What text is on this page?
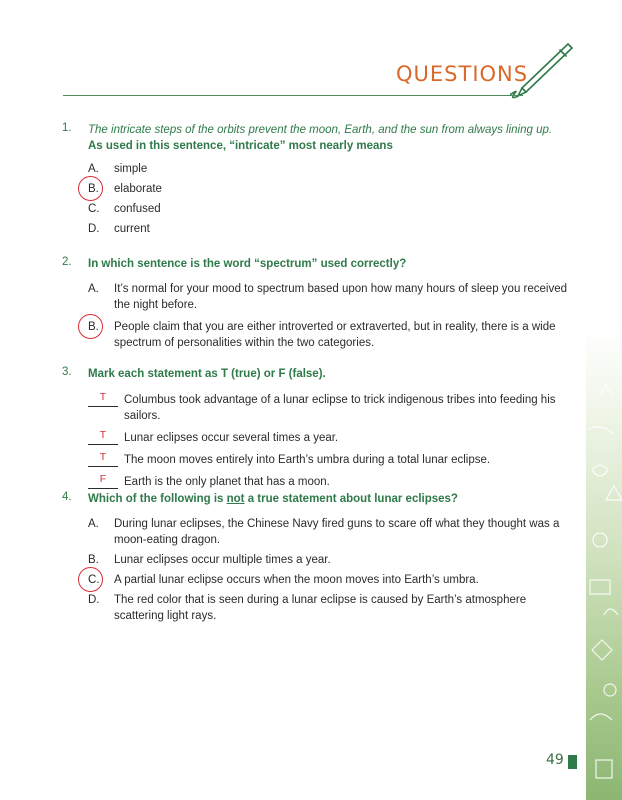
QUESTIONS
1. The intricate steps of the orbits prevent the moon, Earth, and the sun from always lining up.
As used in this sentence, “intricate” most nearly means
A.	simple
B.	elaborate
C.	confused
D.	current
2. In which sentence is the word “spectrum” used correctly?
A.	It’s normal for your mood to spectrum based upon how many hours of sleep you received the night before.
B.	People claim that you are either introverted or extraverted, but in reality, there is a wide spectrum of personalities within the two categories.
3. Mark each statement as T (true) or F (false).
T	Columbus took advantage of a lunar eclipse to trick indigenous tribes into feeding his sailors.
T	Lunar eclipses occur several times a year.
T	The moon moves entirely into Earth’s umbra during a total lunar eclipse.
F	Earth is the only planet that has a moon.
4. Which of the following is not a true statement about lunar eclipses?
A.	During lunar eclipses, the Chinese Navy fired guns to scare off what they thought was a moon-eating dragon.
B.	Lunar eclipses occur multiple times a year.
C.	A partial lunar eclipse occurs when the moon moves into Earth’s umbra.
D.	The red color that is seen during a lunar eclipse is caused by Earth’s atmosphere scattering light rays.
49
